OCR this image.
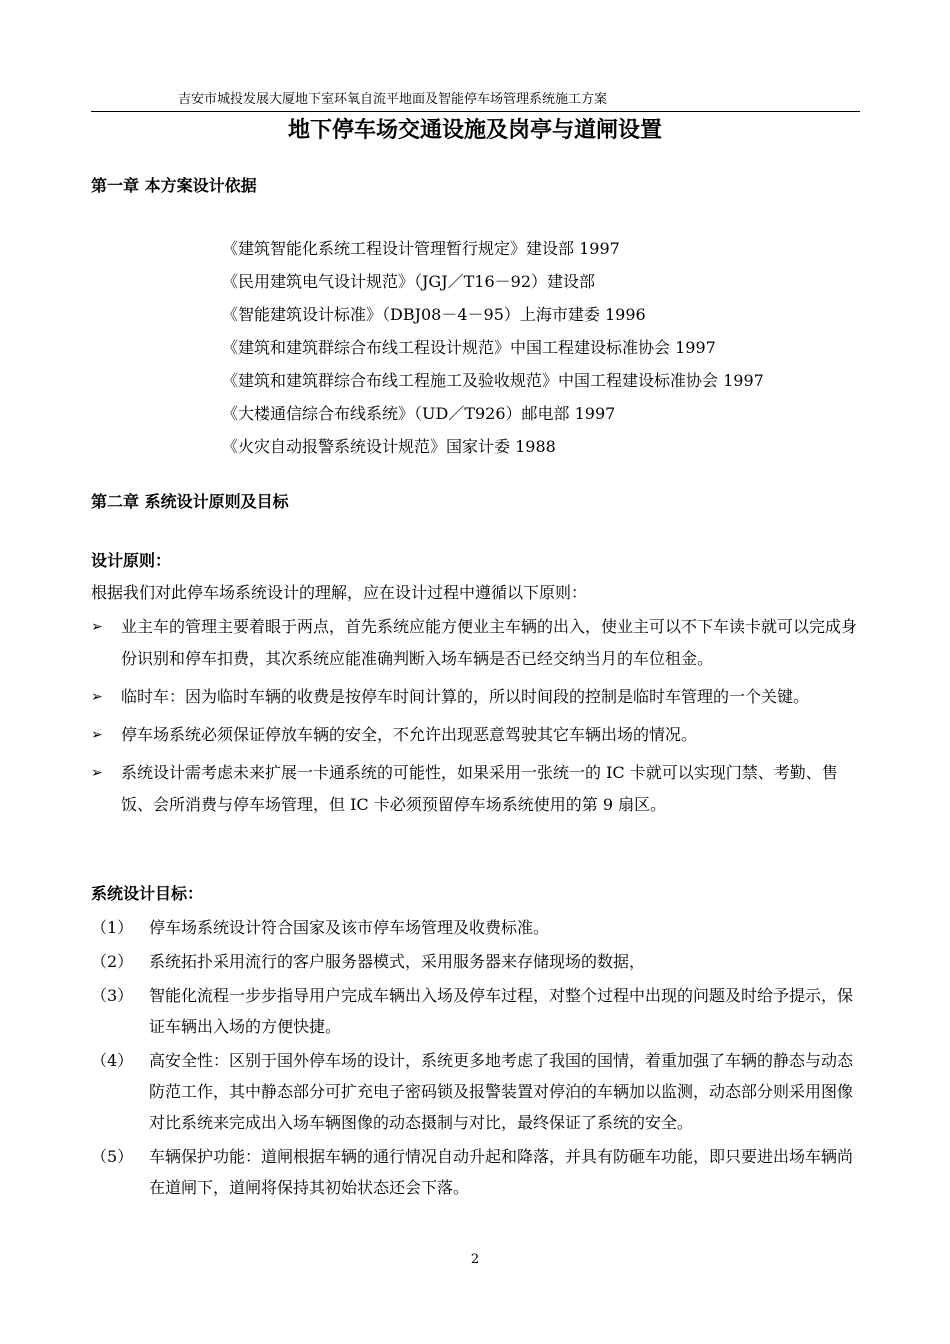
吉安市城投发展大厦地下室环氧自流平地面及智能停车场管理系统施工方案
地下停车场交通设施及岗亭与道闸设置
第一章 本方案设计依据
《建筑智能化系统工程设计管理暂行规定》建设部 1997
《民用建筑电气设计规范》（JGJ／T16－92）建设部
《智能建筑设计标准》（DBJ08－4－95）上海市建委 1996
《建筑和建筑群综合布线工程设计规范》中国工程建设标准协会 1997
《建筑和建筑群综合布线工程施工及验收规范》中国工程建设标准协会 1997
《大楼通信综合布线系统》（UD／T926）邮电部 1997
《火灾自动报警系统设计规范》国家计委 1988
第二章 系统设计原则及目标
设计原则：
根据我们对此停车场系统设计的理解，应在设计过程中遵循以下原则：
➢ 业主车的管理主要着眼于两点，首先系统应能方便业主车辆的出入，使业主可以不下车读卡就可以完成身份识别和停车扣费，其次系统应能准确判断入场车辆是否已经交纳当月的车位租金。
➢ 临时车：因为临时车辆的收费是按停车时间计算的，所以时间段的控制是临时车管理的一个关键。
➢ 停车场系统必须保证停放车辆的安全，不允许出现恶意驾驶其它车辆出场的情况。
➢ 系统设计需考虑未来扩展一卡通系统的可能性，如果采用一张统一的 IC 卡就可以实现门禁、考勤、售饭、会所消费与停车场管理，但 IC 卡必须预留停车场系统使用的第 9 扇区。
系统设计目标：
（1） 停车场系统设计符合国家及该市停车场管理及收费标准。
（2） 系统拓扑采用流行的客户服务器模式，采用服务器来存储现场的数据，
（3） 智能化流程一步步指导用户完成车辆出入场及停车过程，对整个过程中出现的问题及时给予提示，保证车辆出入场的方便快捷。
（4） 高安全性：区别于国外停车场的设计，系统更多地考虑了我国的国情，着重加强了车辆的静态与动态防范工作，其中静态部分可扩充电子密码锁及报警装置对停泊的车辆加以监测，动态部分则采用图像对比系统来完成出入场车辆图像的动态摄制与对比，最终保证了系统的安全。
（5） 车辆保护功能：道闸根据车辆的通行情况自动升起和降落，并具有防砸车功能，即只要进出场车辆尚在道闸下，道闸将保持其初始状态还会下落。
2
